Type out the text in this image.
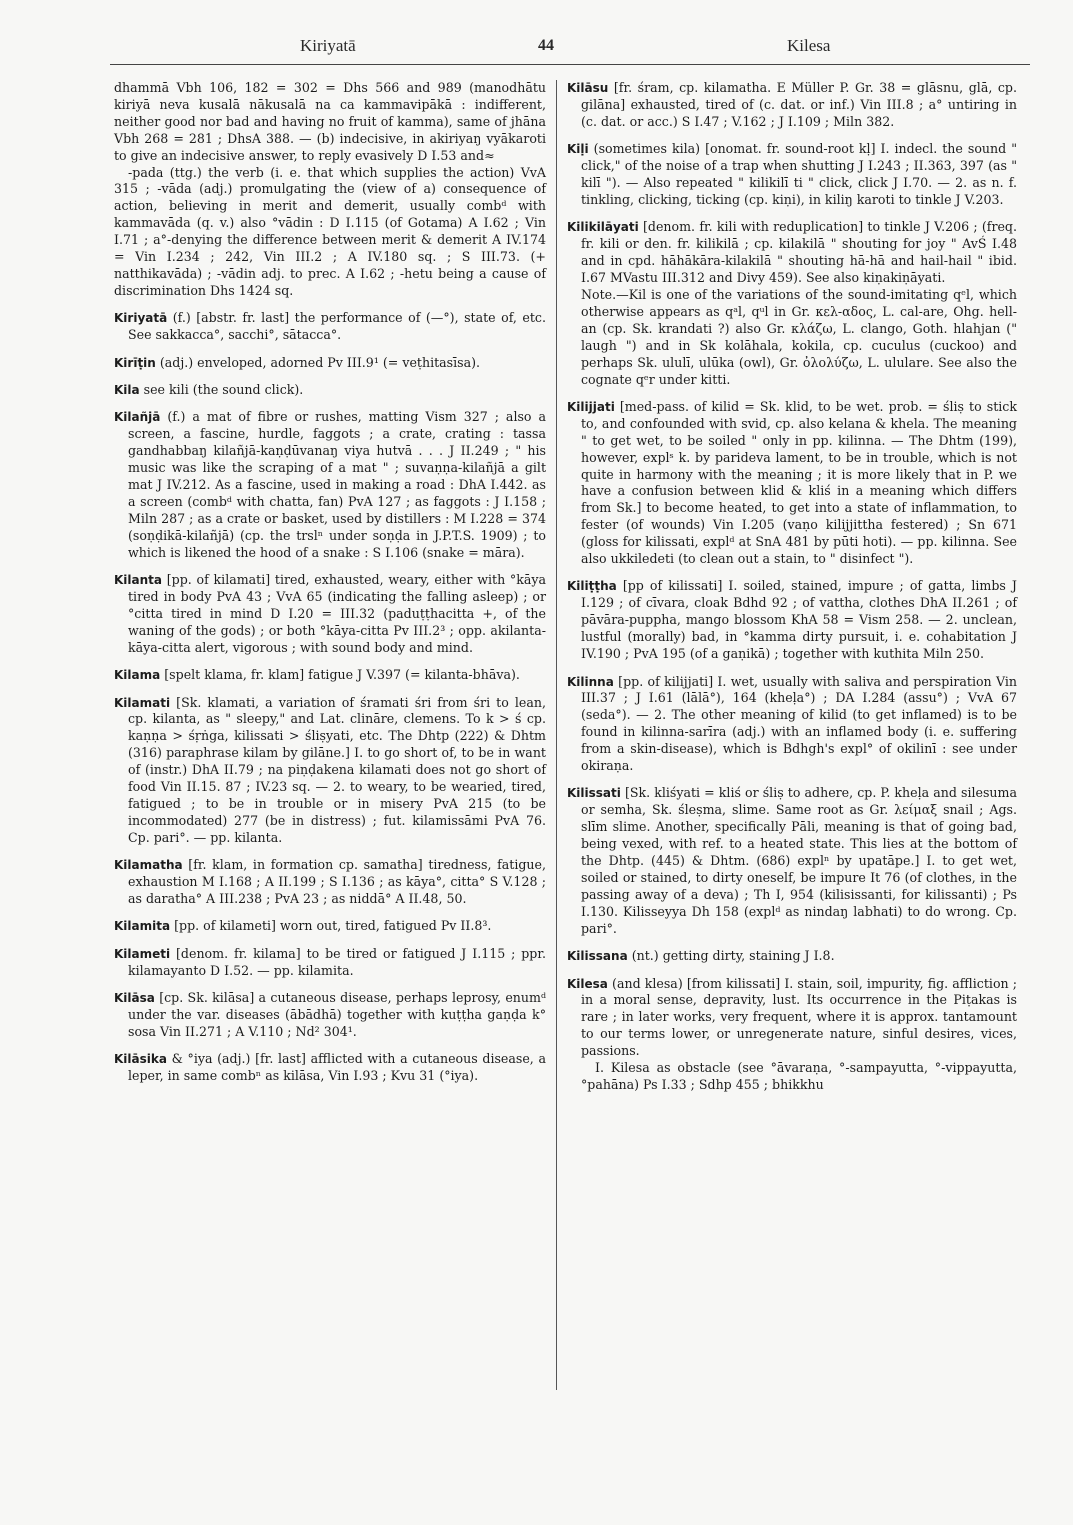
Kiriyatā	44	Kilesa

dhammā Vbh 106, 182 = 302 = Dhs 566 and 989 (manodhātu kiriyā neva kusalā nākusalā na ca kammavipākā : indifferent, neither good nor bad and having no fruit of kamma), same of jhāna Vbh 268 = 281 ; DhsA 388. — (b) indecisive, in akiriyaŋ vyākaroti to give an indecisive answer, to reply evasively D I.53 and≈

-pada (ttg.) the verb (i. e. that which supplies the action) VvA 315 ; -vāda (adj.) promulgating the (view of a) consequence of action, believing in merit and demerit, usually combᵈ with kammavāda (q. v.) also °vādin : D I.115 (of Gotama) A I.62 ; Vin I.71 ; a°-denying the difference between merit & demerit A IV.174 = Vin I.234 ; 242, Vin III.2 ; A IV.180 sq. ; S III.73. (+ natthikavāda) ; -vādin adj. to prec. A I.62 ; -hetu being a cause of discrimination Dhs 1424 sq.

Kiriyatā (f.) [abstr. fr. last] the performance of (—°), state of, etc. See sakkacca°, sacchi°, sātacca°.
Kirīṭin (adj.) enveloped, adorned Pv III.9¹ (= veṭhitasīsa).
Kila see kili (the sound click).
Kilañjā (f.) a mat of fibre or rushes, matting Vism 327 ; also a screen, a fascine, hurdle, faggots ; a crate, crating : tassa gandhabbaŋ kilañjā-kaṇḍūvanaŋ viya hutvā . . . J II.249 ; " his music was like the scraping of a mat " ; suvaṇṇa-kilañjā a gilt mat J IV.212. As a fascine, used in making a road : DhA I.442. as a screen (combᵈ with chatta, fan) PvA 127 ; as faggots : J I.158 ; Miln 287 ; as a crate or basket, used by distillers : M I.228 = 374 (soṇḍikā-kilañjā) (cp. the trslⁿ under soṇḍa in J.P.T.S. 1909) ; to which is likened the hood of a snake : S I.106 (snake = māra).
Kilanta [pp. of kilamati] tired, exhausted, weary, either with °kāya tired in body PvA 43 ; VvA 65 (indicating the falling asleep) ; or °citta tired in mind D I.20 = III.32 (paduṭṭhacitta +, of the waning of the gods) ; or both °kāya-citta Pv III.2³ ; opp. akilanta-kāya-citta alert, vigorous ; with sound body and mind.
Kilama [spelt klama, fr. klam] fatigue J V.397 (= kilanta-bhāva).
Kilamati [Sk. klamati, a variation of śramati śri from śri to lean, cp. kilanta, as " sleepy," and Lat. clināre, clemens. To k > ś cp. kaṇṇa > śṛṅga, kilissati > śliṣyati, etc. The Dhtp (222) & Dhtm (316) paraphrase kilam by gilāne.] I. to go short of, to be in want of (instr.) DhA II.79 ; na piṇḍakena kilamati does not go short of food Vin II.15. 87 ; IV.23 sq. — 2. to weary, to be wearied, tired, fatigued ; to be in trouble or in misery PvA 215 (to be incommodated) 277 (be in distress) ; fut. kilamissāmi PvA 76. Cp. pari°. — pp. kilanta.
Kilamatha [fr. klam, in formation cp. samatha] tiredness, fatigue, exhaustion M I.168 ; A II.199 ; S I.136 ; as kāya°, citta° S V.128 ; as daratha° A III.238 ; PvA 23 ; as niddā° A II.48, 50.
Kilamita [pp. of kilameti] worn out, tired, fatigued Pv II.8³.
Kilameti [denom. fr. kilama] to be tired or fatigued J I.115 ; ppr. kilamayanto D I.52. — pp. kilamita.
Kilāsa [cp. Sk. kilāsa] a cutaneous disease, perhaps leprosy, enumᵈ under the var. diseases (ābādhā) together with kuṭṭha gaṇḍa k° sosa Vin II.271 ; A V.110 ; Nd² 304¹.
Kilāsika & °iya (adj.) [fr. last] afflicted with a cutaneous disease, a leper, in same combⁿ as kilāsa, Vin I.93 ; Kvu 31 (°iya).
Kilāsu [fr. śram, cp. kilamatha. E Müller P. Gr. 38 = glāsnu, glā, cp. gilāna] exhausted, tired of (c. dat. or inf.) Vin III.8 ; a° untiring in (c. dat. or acc.) S I.47 ; V.162 ; J I.109 ; Miln 382.
Kiḷi (sometimes kila) [onomat. fr. sound-root kḷ] I. indecl. the sound " click," of the noise of a trap when shutting J I.243 ; II.363, 397 (as " kilī "). — Also repeated " kilikilī ti " click, click J I.70. — 2. as n. f. tinkling, clicking, ticking (cp. kiṇi), in kiliŋ karoti to tinkle J V.203.
Kilikilāyati [denom. fr. kili with reduplication] to tinkle J V.206 ; (freq. fr. kili or den. fr. kilikilā ; cp. kilakilā " shouting for joy " AvŚ I.48 and in cpd. hāhākāra-kilakilā " shouting hā-hā and hail-hail " ibid. I.67 MVastu III.312 and Divy 459). See also kiṇakiṇāyati.
Note.—Kil is one of the variations of the sound-imitating qᵉl, which otherwise appears as qᵃl, qᵘl in Gr. κελ-αδος, L. cal-are, Ohg. hell-an (cp. Sk. krandati ?) also Gr. κλάζω, L. clango, Goth. hlahjan (" laugh ") and in Sk kolāhala, kokila, cp. cuculus (cuckoo) and perhaps Sk. ululī, ulūka (owl), Gr. ὀλολύζω, L. ululare. See also the cognate qᵉr under kitti.
Kilijjati [med-pass. of kilid = Sk. klid, to be wet. prob. = śliṣ to stick to, and confounded with svid, cp. also kelana & khela. The meaning " to get wet, to be soiled " only in pp. kilinna. — The Dhtm (199), however, explˢ k. by parideva lament, to be in trouble, which is not quite in harmony with the meaning ; it is more likely that in P. we have a confusion between klid & kliś in a meaning which differs from Sk.] to become heated, to get into a state of inflammation, to fester (of wounds) Vin I.205 (vaṇo kilijjittha festered) ; Sn 671 (gloss for kilissati, explᵈ at SnA 481 by pūti hoti). — pp. kilinna. See also ukkiledeti (to clean out a stain, to " disinfect ").
Kiliṭṭha [pp of kilissati] I. soiled, stained, impure ; of gatta, limbs J I.129 ; of cīvara, cloak Bdhd 92 ; of vattha, clothes DhA II.261 ; of pāvāra-puppha, mango blossom KhA 58 = Vism 258. — 2. unclean, lustful (morally) bad, in °kamma dirty pursuit, i. e. cohabitation J IV.190 ; PvA 195 (of a gaṇikā) ; together with kuthita Miln 250.
Kilinna [pp. of kilijjati] I. wet, usually with saliva and perspiration Vin III.37 ; J I.61 (lālā°), 164 (kheḷa°) ; DA I.284 (assu°) ; VvA 67 (seda°). — 2. The other meaning of kilid (to get inflamed) is to be found in kilinna-sarīra (adj.) with an inflamed body (i. e. suffering from a skin-disease), which is Bdhgh's expl° of okilinī : see under okiraṇa.
Kilissati [Sk. kliśyati = kliś or śliṣ to adhere, cp. P. kheḷa and silesuma or semha, Sk. śleṣma, slime. Same root as Gr. λείμαξ snail ; Ags. slīm slime. Another, specifically Pāli, meaning is that of going bad, being vexed, with ref. to a heated state. This lies at the bottom of the Dhtp. (445) & Dhtm. (686) explⁿ by upatāpe.] I. to get wet, soiled or stained, to dirty oneself, be impure It 76 (of clothes, in the passing away of a deva) ; Th I, 954 (kilisissanti, for kilissanti) ; Ps I.130. Kilisseyya Dh 158 (explᵈ as nindaŋ labhati) to do wrong. Cp. pari°.
Kilissana (nt.) getting dirty, staining J I.8.
Kilesa (and klesa) [from kilissati] I. stain, soil, impurity, fig. affliction ; in a moral sense, depravity, lust. Its occurrence in the Piṭakas is rare ; in later works, very frequent, where it is approx. tantamount to our terms lower, or unregenerate nature, sinful desires, vices, passions.
I. Kilesa as obstacle (see °āvaraṇa, °-sampayutta, °-vippayutta, °pahāna) Ps I.33 ; Sdhp 455 ; bhikkhu
